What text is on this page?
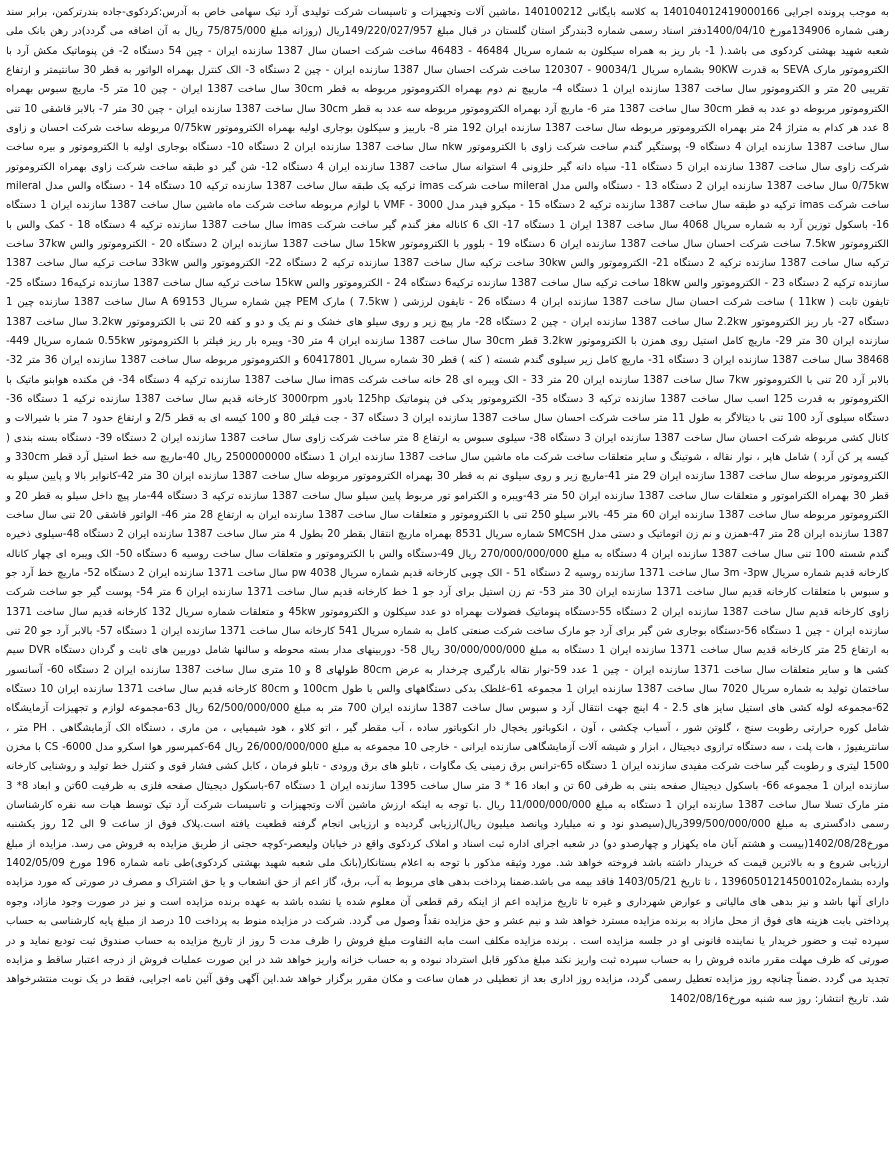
به موجب پرونده اجرایی 140104012419000166 به کلاسه بایگانی 140100212 ،ماشین آلات وتجهیزات و تاسیسات شرکت تولیدی آرد تیک سهامی خاص به آدرس:کردکوی-جاده بندرترکمن، برابر سند رهنی شماره 134906مورخ 1400/04/10دفتر اسناد رسمی شماره 3بندرگز استان گلستان در قبال مبلغ 149/220/027/957ریال (روزانه مبلغ 75/875/000 ریال به آن اضافه می گردد)در رهن بانک ملی شعبه شهید بهشتی کردکوی می باشد.( 1- بار ریز به همراه سیکلون به شماره سریال 46484 - 46483 ساخت شرکت احسان سال 1387 سازنده ایران - چین 54 دستگاه 2- فن پنوماتیک مکش آرد با الکتروموتور مارک SEVA به قدرت 90KW بشماره سریال 90034/1 - 120307 ساخت شرکت احسان سال 1387 سازنده ایران - چین 2 دستگاه 3- الک کنترل بهمراه الواتور به قطر 30 سانتیمتر و ارتفاع تقریبی 20 متر و الکتروموتور سال ساخت 1387 سازنده ایران 1 دستگاه 4- ماریپچ نم دوم بهمراه الکتروموتور مربوطه به قطر 30cm سال ساخت 1387 ایران - چین 10 متر 5- ماریچ سبوس بهمراه الکتروموتور مربوطه دو عدد به قطر 30cm سال ساخت 1387 متر 6- ماریچ آرد بهمراه الکتروموتور مربوطه سه عدد به قطر 30cm سال ساخت 1387 سازنده ایران - چین 30 متر 7- بالابر قاشقی 10 تنی 8 عدد هر کدام به متراژ 24 متر بهمراه الکتروموتور مربوطه سال ساخت 1387 سازنده ایران 192 متر 8- باربیز و سیکلون بوجاری اولیه بهمراه الکتروموتور 0/75kw مربوطه ساخت شرکت احسان و زاوی سال ساخت 1387 سازنده ایران 4 دستگاه 9- پوستگیر گندم ساخت شرکت زاوی با الکتروموتور nkw سال ساخت 1387 سازنده ایران 2 دستگاه 10- دستگاه بوجاری اولیه با الکتروموتور و بیره ساخت شرکت زاوی سال ساخت 1387 سازنده ایران 5 دستگاه 11- سیاه دانه گیر حلزونی 4 استوانه سال ساخت 1387 سازنده ایران 4 دستگاه 12- شن گیر دو طبقه ساخت شرکت زاوی بهمراه الکتروموتور 0/75kw سال ساخت 1387 سازنده ایران 2 دستگاه 13 - دستگاه والس مدل mileral ساخت شرکت imas ترکیه یک طبقه سال ساخت 1387 سازنده ترکیه 10 دستگاه 14 - دستگاه والس مدل mileral ساخت شرکت imas ترکیه دو طبقه سال ساخت 1387 سازنده ترکیه 2 دستگاه 15 - میکرو فیدر مدل 3000 - VMF با لوازم مربوطه ساخت شرکت ماه ماشین سال ساخت 1387 سازنده ایران 1 دستگاه 16- باسکول توزین آرد به شماره سریال 4068 سال ساخت 1387 ایران 1 دستگاه 17- الک 6 کاناله مغز گندم گیر ساخت شرکت imas سال ساخت 1387 سازنده ترکیه 4 دستگاه 18 - کمک والس با الکتروموتور 7.5kw ساخت شرکت احسان سال ساخت 1387 سازنده ایران 6 دستگاه 19 - بلوور با الکتروموتور 15kw سال ساخت 1387 سازنده ایران 2 دستگاه 20 - الکتروموتور والس 37kw ساخت ترکیه سال ساخت 1387 سازنده ترکیه 2 دستگاه 21- الکتروموتور والس 30kw ساخت ترکیه سال ساخت 1387 سازنده ترکیه 2 دستگاه 22- الکتروموتور والس 33kw ساخت ترکیه سال ساخت 1387 سازنده ترکیه 2 دستگاه 23 - الکتروموتور والس 18kw ساخت ترکیه سال ساخت 1387 سازنده ترکیه6 دستگاه 24 - الکتروموتور والس 15kw ساخت ترکیه سال ساخت 1387 سازنده ترکیه16 دستگاه 25-تایفون تابت ( 11kw ) ساخت شرکت احسان سال ساخت 1387 سازنده ایران 4 دستگاه 26 - تایفون لرزشی ( 7.5kw ) مارک PEM چین شماره سریال A 69153 سال ساخت 1387 سازنده چین 1 دستگاه 27- بار ریز الکتروموتور 2.2kw سال ساخت 1387 سازنده ایران - چین 2 دستگاه 28- مار پیچ زیر و روی سیلو های خشک و نم یک و دو و کفه 20 تنی با الکتروموتور 3.2kw سال ساخت 1387 سازنده ایران 30 متر 29- ماریچ کامل استیل روی همزن با الکتروموتور 3.2kw قطر 30cm سال ساخت 1387 سازنده ایران 4 متر 30- ویبره بار ریز فیلتر با الکتروموتور 0.55kw شماره سریال 449- 38468 سال ساخت 1387 سازنده ایران 3 دستگاه 31- ماریچ کامل زیر سیلوی گندم شسته ( کنه ) قطر 30 شماره سریال 60417801 و الکتروموتور مربوطه سال ساخت 1387 سازنده ایران 36 متر 32- بالابر آرد 20 تنی با الکتروموتور 7kw سال ساخت 1387 سازنده ایران 20 متر 33 - الک ویبره ای 28 خانه ساخت شرکت imas سال ساخت 1387 سازنده ترکیه 4 دستگاه 34- فن مکنده هوابنو ماتیک با الکتروموتور به قدرت 125 اسب سال ساخت 1387 سازنده ترکیه 3 دستگاه 35- الکتروموتور یدکی فن پنوماتیک 125hp بادور 3000rpm کارخانه قدیم سال ساخت 1387 سازنده ترکیه 1 دستگاه 36- دستگاه سیلوی آرد 100 تنی با دیتالاگر به طول 11 متر ساخت شرکت احسان سال ساخت 1387 سازنده ایران 3 دستگاه 37 - جت فیلتر 80 و 100 کیسه ای به قطر 2/5 و ارتفاع حدود 7 متر با شیرالات و کانال کشی مربوطه شرکت احسان سال ساخت 1387 سازنده ایران 3 دستگاه 38- سیلوی سبوس به ارتفاع 8 متر ساخت شرکت زاوی سال ساخت 1387 سازنده ایران 2 دستگاه 39- دستگاه بسته بندی ( کیسه پر کن آرد ) شامل هاپر ، نوار نقاله ، شوتینگ و سایر متعلقات ساخت شرکت ماه ماشین سال ساخت 1387 سازنده ایران 1 دستگاه 2500000000 ریال 40-ماریچ سه خط استیل آرد قطر 330cm و الکتروموتور مربوطه سال ساخت 1387 سازنده ایران 29 متر 41-ماریچ زیر و روی سیلوی نم به قطر 30 بهمراه الکتروموتور مربوطه سال ساخت 1387 سازنده ایران 30 متر 42-کانوایر بالا و پایین سیلو به قطر 30 بهمراه الکتراموتور و متعلقات سال ساخت 1387 سازنده ایران 50 متر 43-ویبره و الکترامو تور مربوط پایین سیلو سال ساخت 1387 سازنده ترکیه 3 دستگاه 44-مار پیچ داخل سیلو به قطر 20 و الکتروموتور مربوطه سال ساخت 1387 سازنده ایران 60 متر 45- بالابر سیلو 250 تنی با الکتروموتور و متعلقات سال ساخت 1387 سازنده ایران به ارتفاع 28 متر 46- الواتور قاشقی 20 تنی سال ساخت 1387 سازنده ایران 28 متر 47-همزن و نم زن اتوماتیک و دستی مدل SMCSH شماره سریال 8531 بهمراه ماریچ انتقال بقطر 20 بطول 4 متر سال ساخت 1387 سازنده ایران 2 دستگاه 48-سیلوی ذخیره گندم شسته 100 تنی سال ساخت 1387 سازنده ایران 4 دستگاه به مبلغ 270/000/000/000 ریال 49-دستگاه والس با الکتروموتور و متعلقات سال ساخت روسیه 6 دستگاه 50- الک ویبره ای چهار کاناله کارخانه قدیم شماره سریال 3m -3pw سال ساخت 1371 سازنده روسیه 2 دستگاه 51 - الک چوبی کارخانه قدیم شماره سریال pw 4038 سال ساخت 1371 سازنده ایران 2 دستگاه 52- ماریچ خط آرد جو و سبوس با متعلقات کارخانه قدیم سال ساخت 1371 سازنده ایران 30 متر 53- تم زن استیل برای آرد جو 1 خط کارخانه قدیم سال ساخت 1371 سازنده ایران 6 متر 54- پوست گیر جو ساخت شرکت زاوی کارخانه قدیم سال ساخت 1387 سازنده ایران 2 دستگاه 55-دستگاه پنوماتیک فضولات بهمراه دو عدد سیکلون و الکتروموتور 45kw و متعلقات شماره سریال 132 کارخانه قدیم سال ساخت 1371 سازنده ایران - چین 1 دستگاه 56-دستگاه بوجاری شن گیر برای آرد جو مارک ساخت شرکت صنعتی کامل به شماره سریال 541 کارخانه سال ساخت 1371 سازنده ایران 1 دستگاه 57- بالابر آرد جو 20 تنی به ارتفاع 25 متر کارخانه قدیم سال ساخت 1371 سازنده ایران 1 دستگاه به مبلغ 30/000/000/000 ریال 58- دوربینهای مدار بسته محوطه و سالنها شامل دوربین های ثابت و گردان دستگاه DVR سیم کشی ها و سایر متعلقات سال ساخت 1371 سازنده ایران - چین 1 عدد 59-نوار نقاله بارگیری چرخدار به عرض 80cm طولهای 8 و 10 متری سال ساخت 1387 سازنده ایران 2 دستگاه 60- آسانسور ساختمان تولید به شماره سریال 7020 سال ساخت 1387 سازنده ایران 1 مجموعه 61-غلطک بدکی دستگاههای والس با طول 100cm و 80cm کارخانه قدیم سال ساخت 1371 سازنده ایران 10 دستگاه 62-مجموعه لوله کشی های استیل سایز های 2.5 - 4 اینچ جهت انتقال آرد و سبوس سال ساخت 1387 سازنده ایران 700 متر به مبلغ 62/500/000/000 ریال 63-مجموعه لوازم و تجهیزات آزمایشگاه شامل کوره حرارتی رطوبت سنج ، گلوتن شور ، آسیاب چکشی ، آون ، انکوباتور یخچال دار انکوباتور ساده ، آب مقطر گیر ، اتو کلاو ، هود شیمیایی ، من ماری ، دستگاه الک آزمایشگاهی . PH متر ، سانتریفیوژ ، هات پلت ، سه دستگاه ترازوی دیجیتال ، ابزار و شیشه آلات آزمایشگاهی سازنده ایرانی - خارجی 10 مجموعه به مبلغ 26/000/000/000 ریال 64-کمپرسور هوا اسکرو مدل 6000- CS با مخزن 1500 لیتری و رطوبت گیر ساخت شرکت مفیدی سازنده ایران 1 دستگاه 65-ترانس برق زمینی یک مگاوات ، تابلو های برق ورودی - تابلو فرمان ، کابل کشی فشار قوی و کنترل خط تولید و روشنایی کارخانه سازنده ایران 1 مجموعه 66- باسکول دیجیتال صفحه بتنی به ظرفی 60 تن و ابعاد 16 * 3 متر سال ساخت 1395 سازنده ایران 1 دستگاه 67-باسکول دیجیتال صفحه فلزی به ظرفیت 60تن و ابعاد 8* 3 متر مارک تسلا سال ساخت 1387 سازنده ایران 1 دستگاه به مبلغ 11/000/000/000 ریال .با توجه به اینکه ارزش ماشین آلات وتجهیزات و تاسیسات شرکت آرد تیک توسط هیات سه نفره کارشناسان رسمی دادگستری به مبلغ 399/500/000/000ریال(سیصدو نود و نه میلیارد وپانصد میلیون ریال)ارزیابی گردیده و ارزیابی انجام گرفته قطعیت یافته است.پلاک فوق از ساعت 9 الی 12 روز یکشنبه مورخ1402/08/28(بیست و هشتم آبان ماه یکهزار و چهارصدو دو) در شعبه اجرای اداره ثبت اسناد و املاک کردکوی واقع در خیابان ولیعصر-کوچه حجتی از طریق مزایده به فروش می رسد. مزایده از مبلغ ارزیابی شروع و به بالاترین قیمت که خریدار داشته باشد فروخته خواهد شد. مورد وثیقه مذکور با توجه به اعلام بستانکار(بانک ملی شعبه شهید بهشتی کردکوی)طی نامه شماره 196 مورخ 1402/05/09 وارده بشماره13960501214500102 ، تا تاریخ 1403/05/21 فاقد بیمه می باشد.ضمنا پرداخت بدهی های مربوط به آب، برق، گاز اعم از حق انشعاب و یا حق اشتراک و مصرف در صورتی که مورد مزایده دارای آنها باشد و نیز بدهی های مالیاتی و عوارض شهرداری و غیره تا تاریخ مزایده اعم از اینکه رقم قطعی آن معلوم شده یا نشده باشد به عهده برنده مزایده است و نیز در صورت وجود مازاد، وجوه پرداختی بابت هزینه های فوق از محل مازاد به برنده مزایده مسترد خواهد شد و نیم عشر و حق مزایده نقداً وصول می گردد. شرکت در مزایده منوط به پرداخت 10 درصد از مبلغ پایه کارشناسی به حساب سپرده ثبت و حضور خریدار یا نماینده قانونی او در جلسه مزایده است . برنده مزایده مکلف است مابه التفاوت مبلغ فروش را ظرف مدت 5 روز از تاریخ مزایده به حساب صندوق ثبت تودیع نماید و در صورتی که ظرف مهلت مقرر مانده فروش را به حساب سپرده ثبت واریز نکند مبلغ مذکور قابل استرداد نبوده و به حساب خزانه واریز خواهد شد در این صورت عملیات فروش از درجه اعتبار ساقط و مزایده تجدید می گردد .ضمناً چنانچه روز مزایده تعطیل رسمی گردد، مزایده روز اداری بعد از تعطیلی در همان ساعت و مکان مقرر برگزار خواهد شد.این آگهی وفق آئین نامه اجرایی، فقط در یک نوبت منتشرخواهد شد. تاریخ انتشار: روز سه شنبه مورخ1402/08/16
